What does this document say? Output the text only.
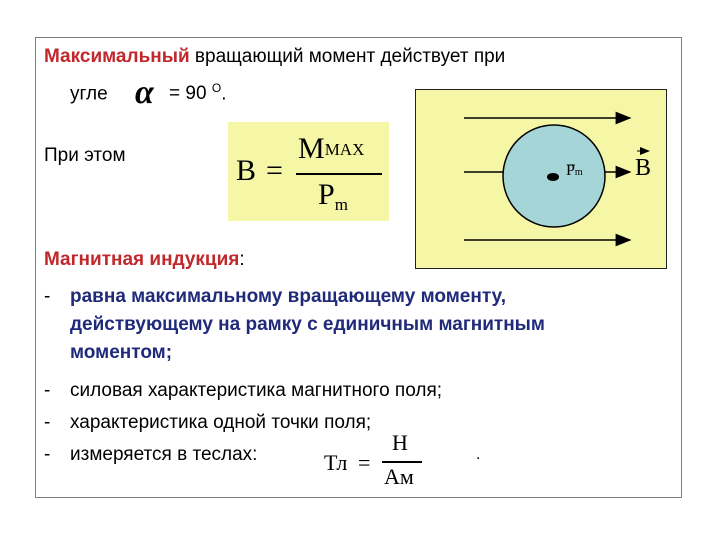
Максимальный вращающий момент действует при
угле α = 90 $^O$.
При этом	B =
MMAX
Pm
Pm B
Магнитная индукция:
- равна максимальному вращающему моменту,
действующему на рамку с единичным магнитным
моментом;
- силовая характеристика магнитного поля;
- характеристика одной точки поля;
- измеряется в теслах:	Тл =
Н
Ам
.
